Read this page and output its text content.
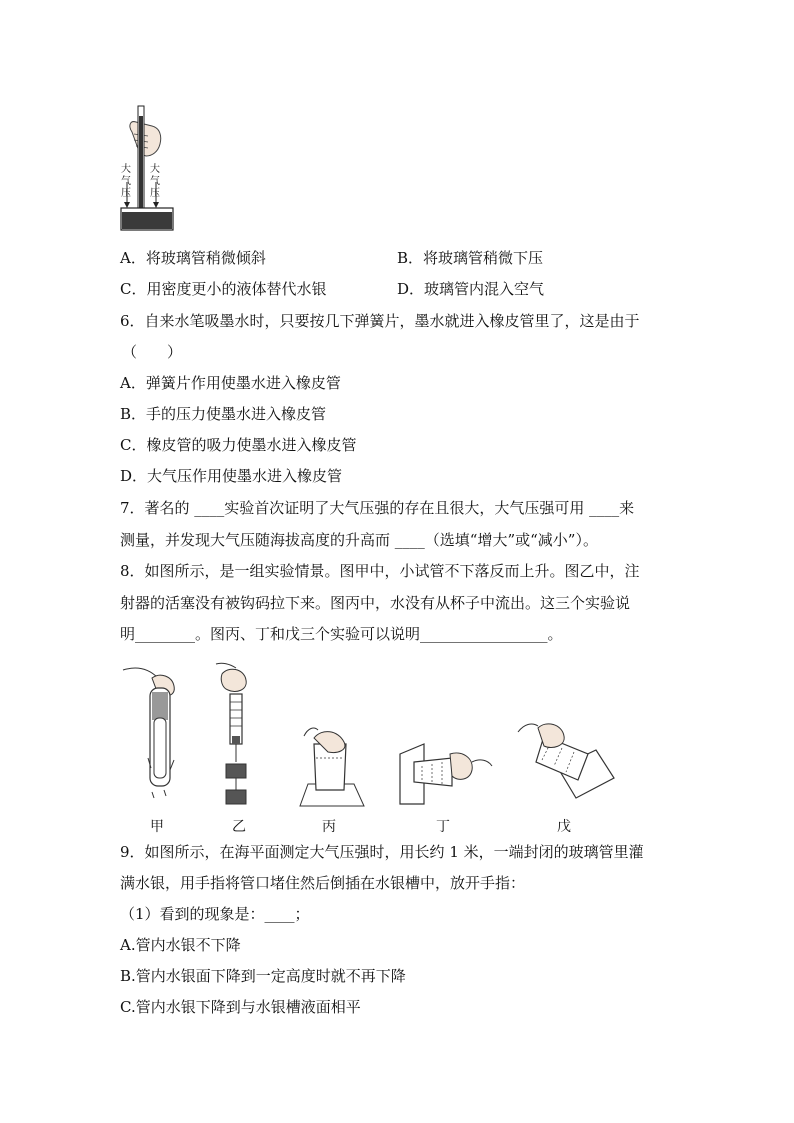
大气压
大气压
A．将玻璃管稍微倾斜	B．将玻璃管稍微下压
C．用密度更小的液体替代水银	D．玻璃管内混入空气
6．自来水笔吸墨水时，只要按几下弹簧片，墨水就进入橡皮管里了，这是由于
（　　）
A．弹簧片作用使墨水进入橡皮管
B．手的压力使墨水进入橡皮管
C．橡皮管的吸力使墨水进入橡皮管
D．大气压作用使墨水进入橡皮管
7．著名的 ____实验首次证明了大气压强的存在且很大，大气压强可用 ____来
测量，并发现大气压随海拔高度的升高而 ____（选填“增大”或“减小”）。
8．如图所示，是一组实验情景。图甲中，小试管不下落反而上升。图乙中，注
射器的活塞没有被钩码拉下来。图丙中，水没有从杯子中流出。这三个实验说
明________。图丙、丁和戊三个实验可以说明_________________。
甲	乙	丙	丁	戊
9．如图所示，在海平面测定大气压强时，用长约 1 米，一端封闭的玻璃管里灌
满水银，用手指将管口堵住然后倒插在水银槽中，放开手指：
（1）看到的现象是：____；
A.管内水银不下降
B.管内水银面下降到一定高度时就不再下降
C.管内水银下降到与水银槽液面相平
